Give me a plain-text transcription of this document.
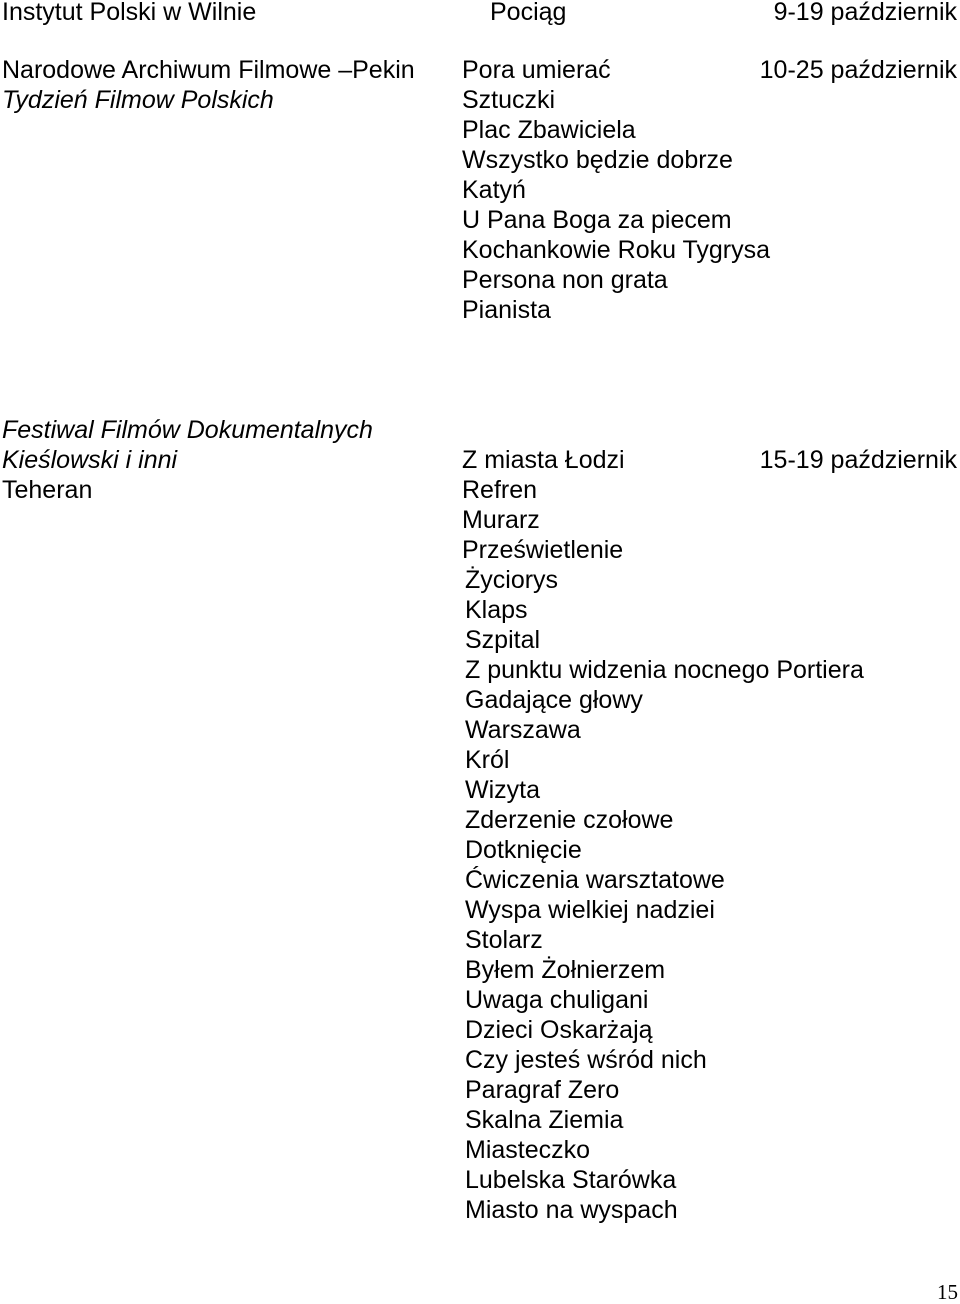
Instytut Polski w Wilnie	Pociąg	9-19 październik

Narodowe Archiwum Filmowe –Pekin

Tydzień Filmow Polskich

10-25 październik

Pora umierać

Sztuczki

Plac Zbawiciela

Wszystko będzie dobrze

Katyń

U Pana Boga za piecem

Kochankowie Roku Tygrysa

Persona non grata

Pianista

Festiwal Filmów Dokumentalnych

Kieślowski i inni

Teheran

15-19 październik

Z miasta Łodzi

Refren

Murarz

Prześwietlenie

Życiorys

Klaps

Szpital

Z punktu widzenia nocnego Portiera

Gadające głowy

Warszawa

Król

Wizyta

Zderzenie czołowe

Dotknięcie

Ćwiczenia warsztatowe

Wyspa wielkiej nadziei

Stolarz

Byłem Żołnierzem

Uwaga chuligani

Dzieci Oskarżają

Czy jesteś wśród nich

Paragraf Zero

Skalna Ziemia

Miasteczko

Lubelska Starówka

Miasto na wyspach

15
